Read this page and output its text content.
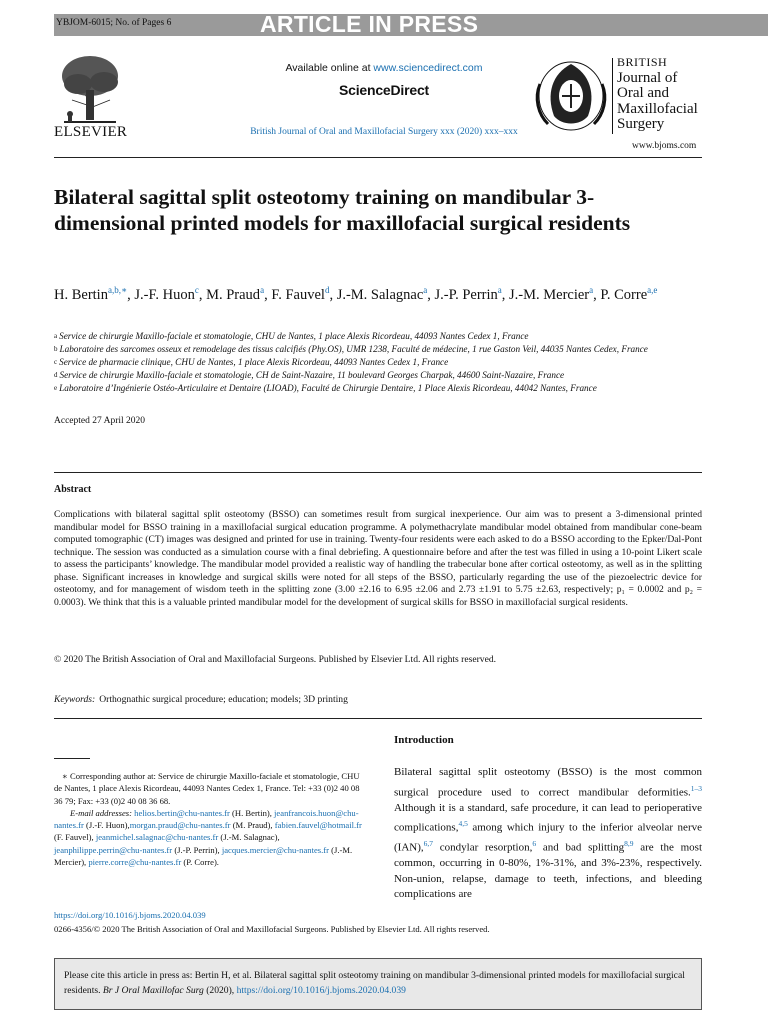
YBJOM-6015; No. of Pages 6	ARTICLE IN PRESS
ELSEVIER
Available online at www.sciencedirect.com
ScienceDirect
British Journal of Oral and Maxillofacial Surgery xxx (2020) xxx–xxx
BRITISH
Journal of
Oral and
Maxillofacial
Surgery
www.bjoms.com
Bilateral sagittal split osteotomy training on mandibular 3-dimensional printed models for maxillofacial surgical residents
H. Bertin$^{a,b,∗}$, J.-F. Huon$^c$, M. Praud$^a$, F. Fauvel$^d$, J.-M. Salagnac$^a$, J.-P. Perrin$^a$, J.-M. Mercier$^a$, P. Corre$^{a,e}$
$^a$ Service de chirurgie Maxillo-faciale et stomatologie, CHU de Nantes, 1 place Alexis Ricordeau, 44093 Nantes Cedex 1, France
$^b$ Laboratoire des sarcomes osseux et remodelage des tissus calcifiés (Phy.OS), UMR 1238, Faculté de médecine, 1 rue Gaston Veil, 44035 Nantes Cedex, France
$^c$ Service de pharmacie clinique, CHU de Nantes, 1 place Alexis Ricordeau, 44093 Nantes Cedex 1, France
$^d$ Service de chirurgie Maxillo-faciale et stomatologie, CH de Saint-Nazaire, 11 boulevard Georges Charpak, 44600 Saint-Nazaire, France
$^e$ Laboratoire d’Ingénierie Ostéo-Articulaire et Dentaire (LIOAD), Faculté de Chirurgie Dentaire, 1 Place Alexis Ricordeau, 44042 Nantes, France
Accepted 27 April 2020
Abstract
Complications with bilateral sagittal split osteotomy (BSSO) can sometimes result from surgical inexperience. Our aim was to present a 3-dimensional printed mandibular model for BSSO training in a maxillofacial surgical education programme. A polymethacrylate mandibular model obtained from mandibular cone-beam computed tomographic (CT) images was designed and printed for use in training. Twenty-four residents were each asked to do a BSSO according to the Epker/Dal-Pont technique. The session was conducted as a simulation course with a final debriefing. A questionnaire before and after the test was filled in using a 10-point Likert scale to assess the participants’ knowledge. The mandibular model provided a realistic way of handling the trabecular bone after cortical osteotomy, as well as in the splitting phase. Significant increases in knowledge and surgical skills were noted for all steps of the BSSO, particularly regarding the use of the piezoelectric device for osteotomy, and for management of wisdom teeth in the splitting zone (3.00 ±2.16 to 6.95 ±2.06 and 2.73 ±1.91 to 5.75 ±2.63, respectively; p₁ = 0.0002 and p₂ = 0.0003). We think that this is a valuable printed mandibular model for the development of surgical skills for BSSO in maxillofacial surgical residents.
© 2020 The British Association of Oral and Maxillofacial Surgeons. Published by Elsevier Ltd. All rights reserved.
Keywords: Orthognathic surgical procedure; education; models; 3D printing
∗ Corresponding author at: Service de chirurgie Maxillo-faciale et stomatologie, CHU de Nantes, 1 place Alexis Ricordeau, 44093 Nantes Cedex 1, France. Tel: +33 (0)2 40 08 36 79; Fax: +33 (0)2 40 08 36 68.
E-mail addresses: helios.bertin@chu-nantes.fr (H. Bertin), jeanfrancois.huon@chu-nantes.fr (J.-F. Huon),morgan.praud@chu-nantes.fr (M. Praud), fabien.fauvel@hotmail.fr (F. Fauvel), jeanmichel.salagnac@chu-nantes.fr (J.-M. Salagnac), jeanphilippe.perrin@chu-nantes.fr (J.-P. Perrin), jacques.mercier@chu-nantes.fr (J.-M. Mercier), pierre.corre@chu-nantes.fr (P. Corre).
Introduction
Bilateral sagittal split osteotomy (BSSO) is the most common surgical procedure used to correct mandibular deformities.$^{1-3}$ Although it is a standard, safe procedure, it can lead to perioperative complications,$^{4,5}$ among which injury to the inferior alveolar nerve (IAN),$^{6,7}$ condylar resorption,$^6$ and bad splitting$^{8,9}$ are the most common, occurring in 0-80%, 1%-31%, and 3%-23%, respectively. Non-union, relapse, damage to teeth, infections, and bleeding complications are
https://doi.org/10.1016/j.bjoms.2020.04.039
0266-4356/© 2020 The British Association of Oral and Maxillofacial Surgeons. Published by Elsevier Ltd. All rights reserved.

Please cite this article in press as: Bertin H, et al. Bilateral sagittal split osteotomy training on mandibular 3-dimensional printed models for maxillofacial surgical residents. Br J Oral Maxillofac Surg (2020), https://doi.org/10.1016/j.bjoms.2020.04.039
